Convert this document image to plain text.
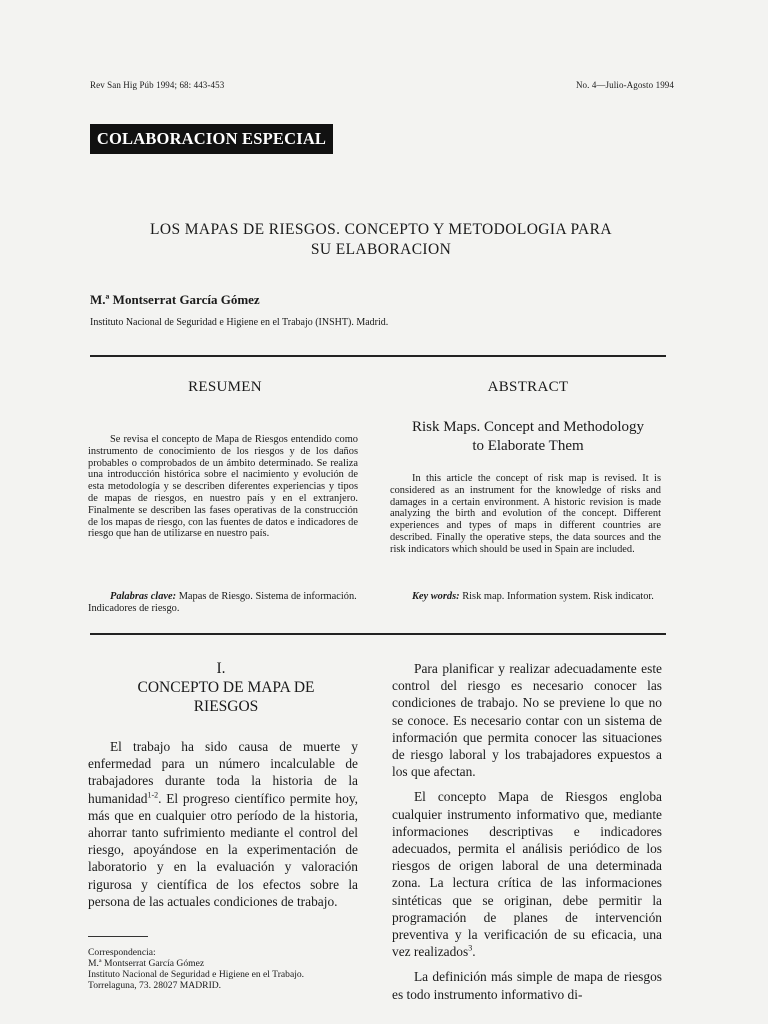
Rev San Hig Púb 1994; 68: 443-453	No. 4—Julio-Agosto 1994
COLABORACION ESPECIAL
LOS MAPAS DE RIESGOS. CONCEPTO Y METODOLOGIA PARA
SU ELABORACION
M.ª Montserrat García Gómez
Instituto Nacional de Seguridad e Higiene en el Trabajo (INSHT). Madrid.
RESUMEN	ABSTRACT
Risk Maps. Concept and Methodology
to Elaborate Them

Se revisa el concepto de Mapa de Riesgos entendido como instrumento de conocimiento de los riesgos y de los daños probables o comprobados de un ámbito determinado. Se realiza una introducción histórica sobre el nacimiento y evolución de esta metodología y se describen diferentes experiencias y tipos de mapas de riesgos, en nuestro país y en el extranjero. Finalmente se describen las fases operativas de la construcción de los mapas de riesgo, con las fuentes de datos e indicadores de riesgo que han de utilizarse en nuestro país.

In this article the concept of risk map is revised. It is considered as an instrument for the knowledge of risks and damages in a certain environment. A historic revision is made analyzing the birth and evolution of the concept. Different experiences and types of maps in different countries are described. Finally the operative steps, the data sources and the risk indicators which should be used in Spain are included.

Palabras clave: Mapas de Riesgo. Sistema de información. Indicadores de riesgo.
Key words: Risk map. Information system. Risk indicator.
I.
CONCEPTO DE MAPA DE
RIESGOS

El trabajo ha sido causa de muerte y enfermedad para un número incalculable de trabajadores durante toda la historia de la humanidad$^{1-2}$. El progreso científico permite hoy, más que en cualquier otro período de la historia, ahorrar tanto sufrimiento mediante el control del riesgo, apoyándose en la experimentación de laboratorio y en la evaluación y valoración rigurosa y científica de los efectos sobre la persona de las actuales condiciones de trabajo.

Para planificar y realizar adecuadamente este control del riesgo es necesario conocer las condiciones de trabajo. No se previene lo que no se conoce. Es necesario contar con un sistema de información que permita conocer las situaciones de riesgo laboral y los trabajadores expuestos a los que afectan.

El concepto Mapa de Riesgos engloba cualquier instrumento informativo que, mediante informaciones descriptivas e indicadores adecuados, permita el análisis periódico de los riesgos de origen laboral de una determinada zona. La lectura crítica de las informaciones sintéticas que se originan, debe permitir la programación de planes de intervención preventiva y la verificación de su eficacia, una vez realizados$^3$.

La definición más simple de mapa de riesgos es todo instrumento informativo di-

Correspondencia:
M.ª Montserrat García Gómez
Instituto Nacional de Seguridad e Higiene en el Trabajo.
Torrelaguna, 73. 28027 MADRID.
